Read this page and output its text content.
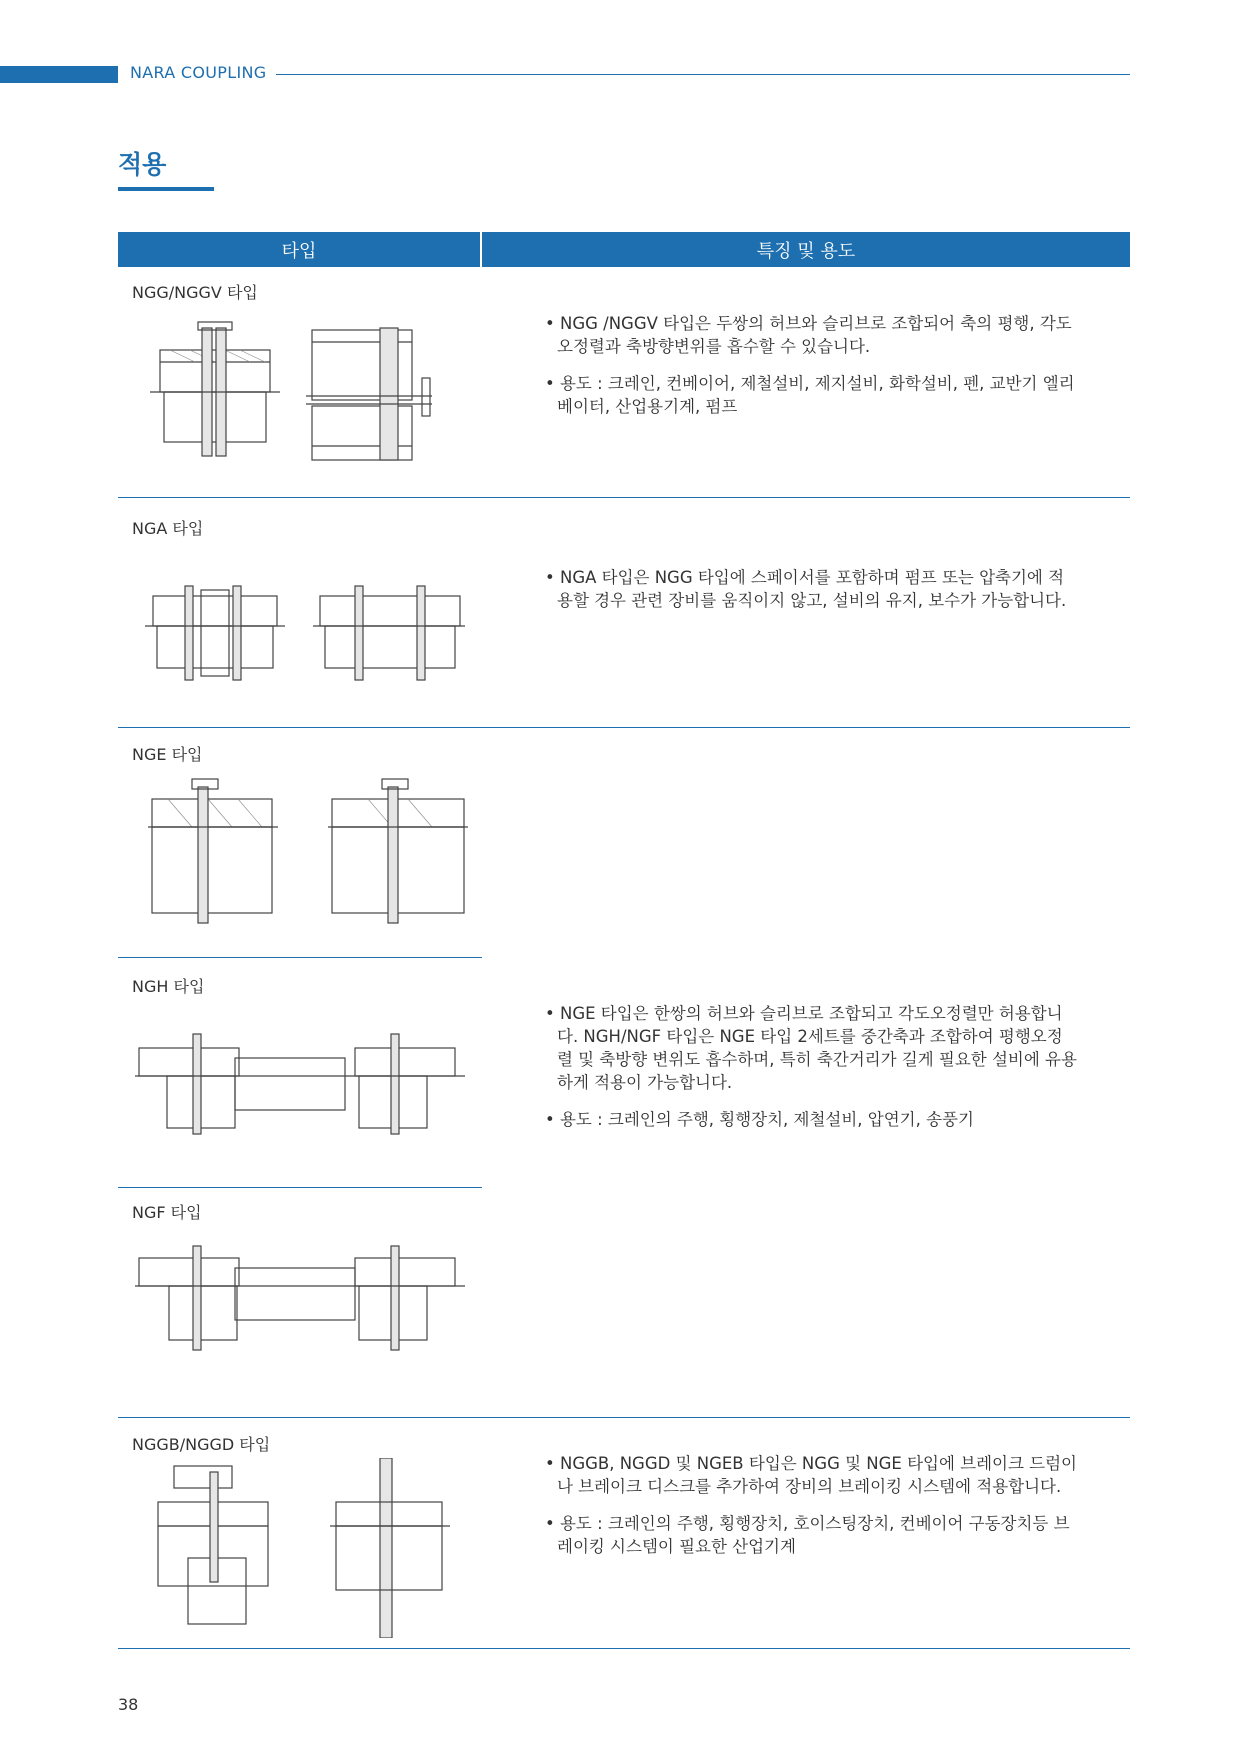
NARA COUPLING
적용
타입	특징 및 용도
NGG/NGGV 타입
NGA 타입
NGE 타입
NGH 타입
NGF 타입
NGGB/NGGD 타입

• NGG /NGGV 타입은 두쌍의 허브와 슬리브로 조합되어 축의 평행, 각도오정렬과 축방향변위를 흡수할 수 있습니다.

• 용도 : 크레인, 컨베이어, 제철설비, 제지설비, 화학설비, 펜, 교반기 엘리베이터, 산업용기계, 펌프

• NGA 타입은 NGG 타입에 스페이서를 포함하며 펌프 또는 압축기에 적용할 경우 관련 장비를 움직이지 않고, 설비의 유지, 보수가 가능합니다.

• NGE 타입은 한쌍의 허브와 슬리브로 조합되고 각도오정렬만 허용합니다. NGH/NGF 타입은 NGE 타입 2세트를 중간축과 조합하여 평행오정렬 및 축방향 변위도 흡수하며, 특히 축간거리가 길게 필요한 설비에 유용하게 적용이 가능합니다.

• 용도 : 크레인의 주행, 횡행장치, 제철설비, 압연기, 송풍기

• NGGB, NGGD 및 NGEB 타입은 NGG 및 NGE 타입에 브레이크 드럼이나 브레이크 디스크를 추가하여 장비의 브레이킹 시스템에 적용합니다.

• 용도 : 크레인의 주행, 횡행장치, 호이스팅장치, 컨베이어 구동장치등 브레이킹 시스템이 필요한 산업기계

38
